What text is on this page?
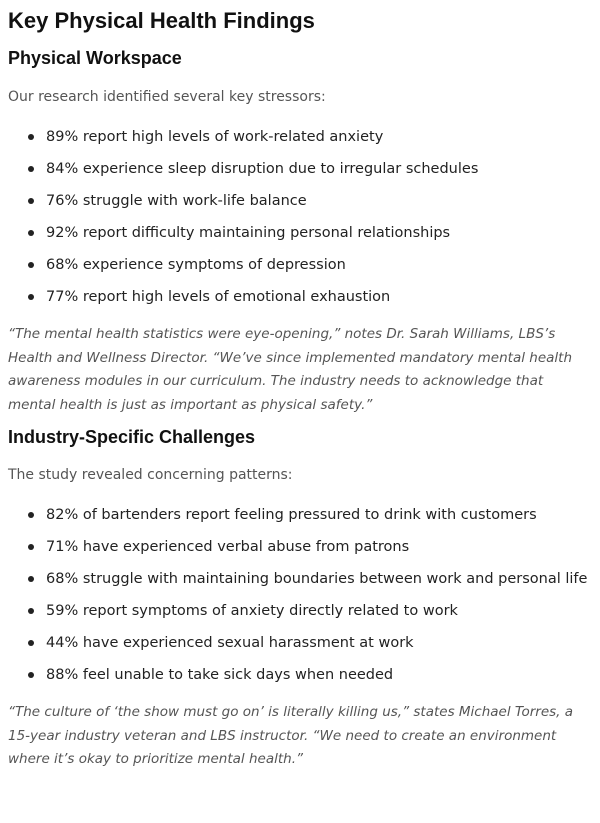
Key Physical Health Findings
Physical Workspace

Our research identified several key stressors:

89% report high levels of work-related anxiety
84% experience sleep disruption due to irregular schedules
76% struggle with work-life balance
92% report difficulty maintaining personal relationships
68% experience symptoms of depression
77% report high levels of emotional exhaustion

“The mental health statistics were eye-opening,” notes Dr. Sarah Williams, LBS’s Health and Wellness Director. “We’ve since implemented mandatory mental health awareness modules in our curriculum. The industry needs to acknowledge that mental health is just as important as physical safety.”

Industry-Specific Challenges

The study revealed concerning patterns:

82% of bartenders report feeling pressured to drink with customers
71% have experienced verbal abuse from patrons
68% struggle with maintaining boundaries between work and personal life
59% report symptoms of anxiety directly related to work
44% have experienced sexual harassment at work
88% feel unable to take sick days when needed

“The culture of ‘the show must go on’ is literally killing us,” states Michael Torres, a 15-year industry veteran and LBS instructor. “We need to create an environment where it’s okay to prioritize mental health.”
